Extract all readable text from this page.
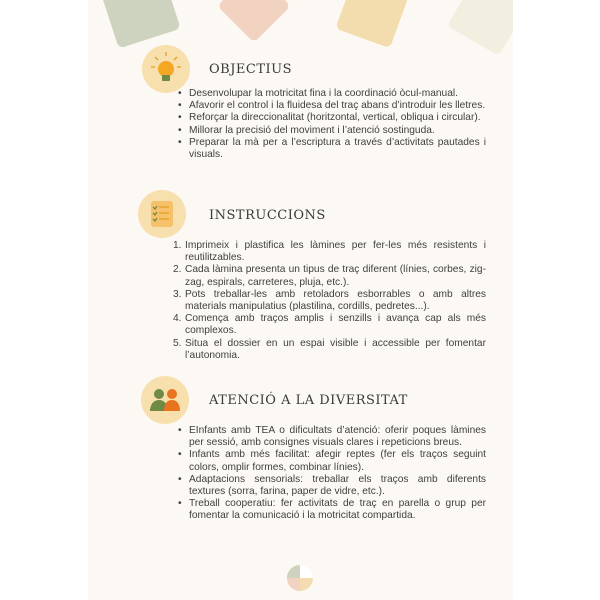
OBJECTIUS
• Desenvolupar la motricitat fina i la coordinació òcul-manual.
• Afavorir el control i la fluidesa del traç abans d’introduir les lletres.
• Reforçar la direccionalitat (horitzontal, vertical, obliqua i circular).
• Millorar la precisió del moviment i l’atenció sostinguda.
• Preparar la mà per a l’escriptura a través d’activitats pautades i visuals.
INSTRUCCIONS
Imprimeix i plastifica les làmines per fer-les més resistents i reutilitzables.
Cada làmina presenta un tipus de traç diferent (línies, corbes, zig-zag, espirals, carreteres, pluja, etc.).
Pots treballar-les amb retoladors esborrables o amb altres materials manipulatius (plastilina, cordills, pedretes...).
Comença amb traços amplis i senzills i avança cap als més complexos.
Situa el dossier en un espai visible i accessible per fomentar l’autonomia.
ATENCIÓ A LA DIVERSITAT
• EInfants amb TEA o dificultats d’atenció: oferir poques làmines per sessió, amb consignes visuals clares i repeticions breus.
• Infants amb més facilitat: afegir reptes (fer els traços seguint colors, omplir formes, combinar línies).
• Adaptacions sensorials: treballar els traços amb diferents textures (sorra, farina, paper de vidre, etc.).
• Treball cooperatiu: fer activitats de traç en parella o grup per fomentar la comunicació i la motricitat compartida.
